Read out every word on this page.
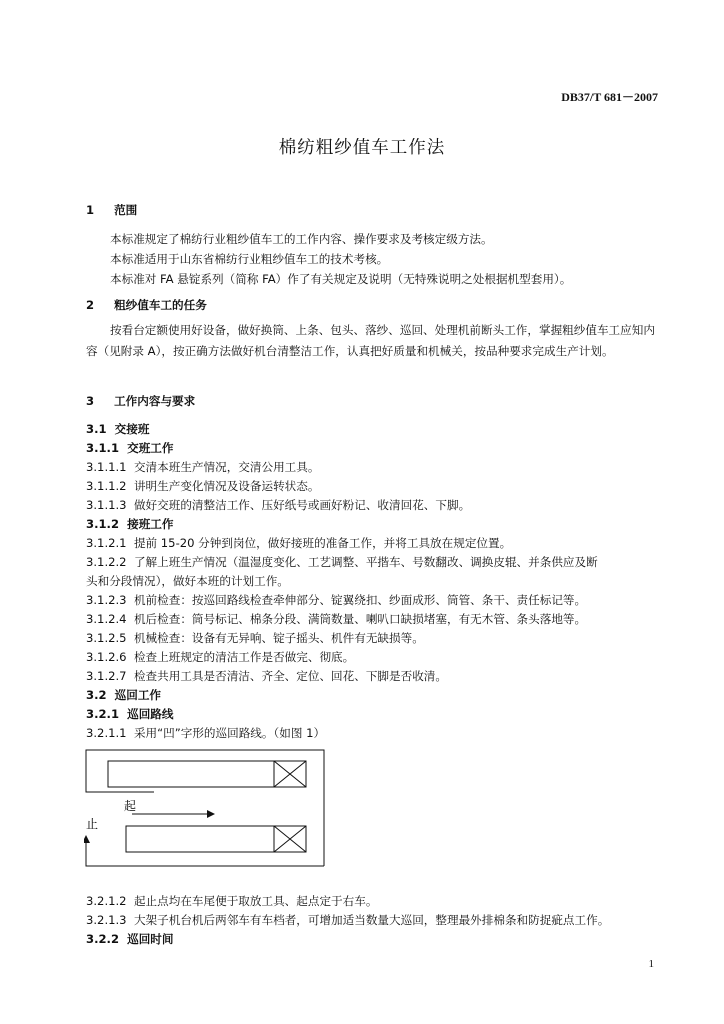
DB37/T 681－2007
棉纺粗纱值车工作法
1 范围
本标准规定了棉纺行业粗纱值车工的工作内容、操作要求及考核定级方法。
本标准适用于山东省棉纺行业粗纱值车工的技术考核。
本标准对 FA 悬锭系列（简称 FA）作了有关规定及说明（无特殊说明之处根据机型套用）。
2 粗纱值车工的任务
按看台定额使用好设备，做好换筒、上条、包头、落纱、巡回、处理机前断头工作，掌握粗纱值车工应知内容（见附录 A），按正确方法做好机台清整洁工作，认真把好质量和机械关，按品种要求完成生产计划。
3 工作内容与要求
3.1 交接班
3.1.1 交班工作
3.1.1.1 交清本班生产情况，交清公用工具。
3.1.1.2 讲明生产变化情况及设备运转状态。
3.1.1.3 做好交班的清整洁工作、压好纸号或画好粉记、收清回花、下脚。
3.1.2 接班工作
3.1.2.1 提前 15-20 分钟到岗位，做好接班的准备工作，并将工具放在规定位置。
3.1.2.2 了解上班生产情况（温湿度变化、工艺调整、平揩车、号数翻改、调换皮辊、并条供应及断
头和分段情况），做好本班的计划工作。
3.1.2.3 机前检查：按巡回路线检查牵伸部分、锭翼绕扣、纱面成形、筒管、条干、责任标记等。
3.1.2.4 机后检查：筒号标记、棉条分段、满筒数量、喇叭口缺损堵塞，有无木管、条头落地等。
3.1.2.5 机械检查：设备有无异响、锭子摇头、机件有无缺损等。
3.1.2.6 检查上班规定的清洁工作是否做完、彻底。
3.1.2.7 检查共用工具是否清洁、齐全、定位、回花、下脚是否收清。
3.2 巡回工作
3.2.1 巡回路线
3.2.1.1 采用“凹”字形的巡回路线。（如图 1）
起
止
3.2.1.2 起止点均在车尾便于取放工具、起点定于右车。
3.2.1.3 大架子机台机后两邻车有车档者，可增加适当数量大巡回，整理最外排棉条和防捉疵点工作。
3.2.2 巡回时间
1
